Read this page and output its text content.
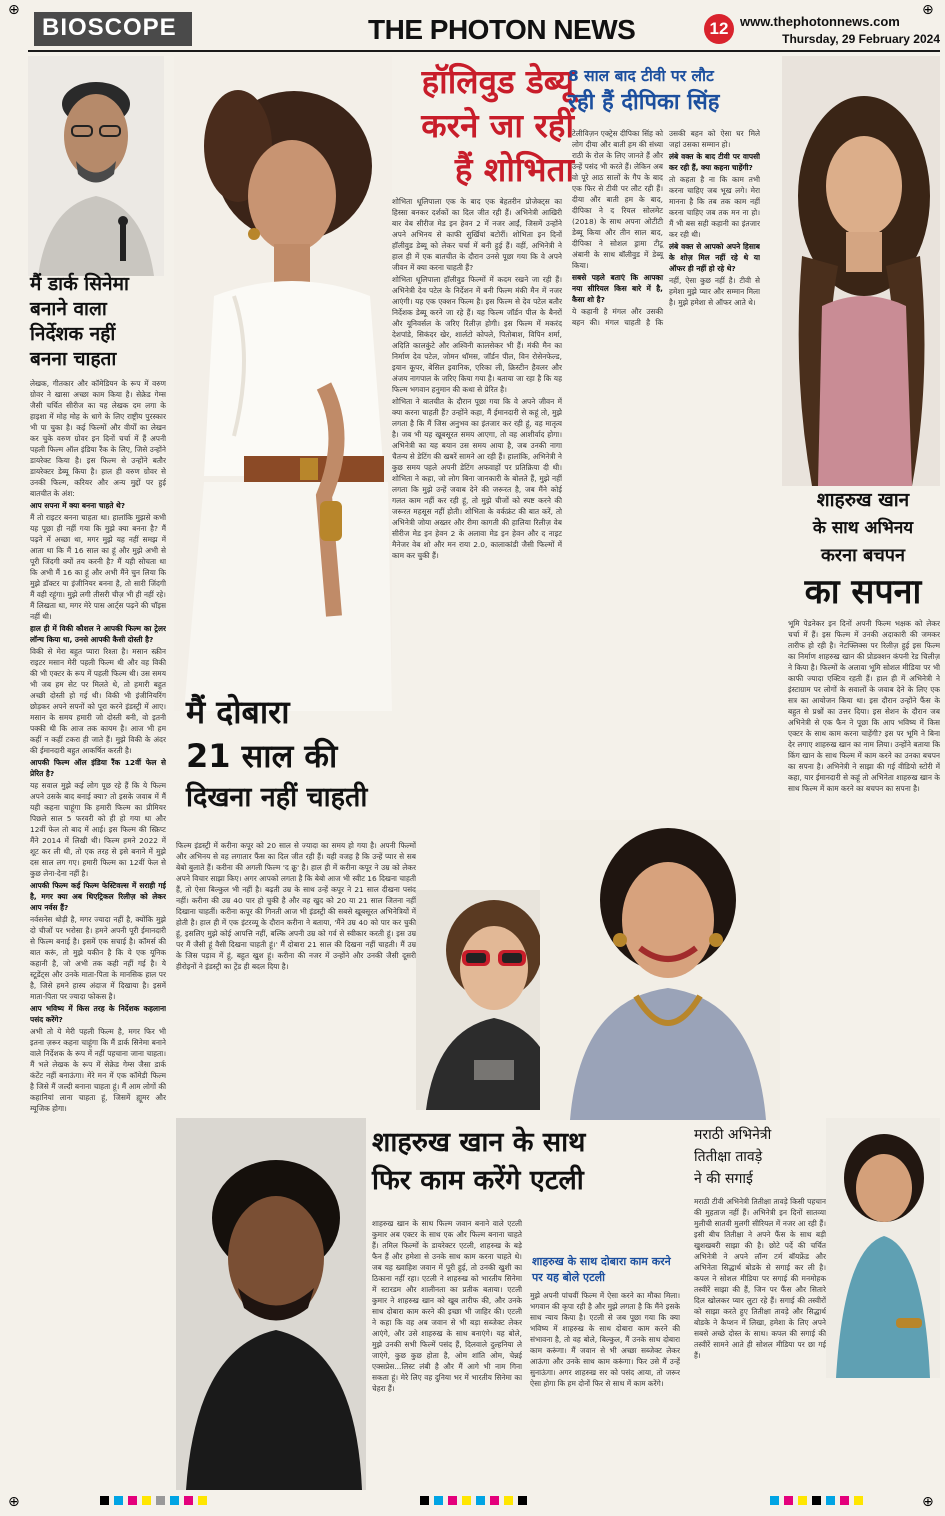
⊕	⊕
⊕	⊕
BIOSCOPE	THE PHOTON NEWS	12 www.thephotonnews.com
Thursday, 29 February 2024
मैं डार्क सिनेमा
बनाने वाला
निर्देशक नहीं
बनना चाहता

लेखक, गीतकार और कॉमेडियन के रूप में वरुण ग्रोवर ने खासा अच्छा काम किया है। सेक्रेड गेम्स जैसी चर्चित सीरीज का यह लेखक दम लगा के हाइशा में मोह मोह के धागे के लिए राष्ट्रीय पुरस्कार भी पा चुका है। कई फिल्मों और वीर्यों का लेखन कर चुके वरुण ग्रोवर इन दिनों चर्चा में हैं अपनी पहली फिल्म ऑल इंडिया रैंक के लिए, जिसे उन्होंने डायरेक्ट किया है। इस फिल्म से उन्होंने बतौर डायरेक्टर डेब्यू किया है। हाल ही वरुण ग्रोवर से उनकी फिल्म, करियर और अन्य मुद्दों पर हुई बातचीत के अंश:

आप सपना में क्या बनना चाहते थे?

मैं तो राइटर बनना चाहता था। हालांकि मुझसे कभी यह पूछा ही नहीं गया कि मुझे क्या बनना है? मैं पढ़ने में अच्छा था, मगर मुझे यह नहीं समझ में आता था कि मैं 16 साल का हूं और मुझे अभी से पूरी जिंदगी क्यों तय करनी है? मैं यही सोचता था कि अभी मैं 16 का हूं और अभी मैंने चुन लिया कि मुझे डॉक्टर या इंजीनियर बनना है, तो सारी जिंदगी मैं वही रहूंगा। मुझे लगी तीसरी चीज़ भी ही नहीं रहे। मैं लिखता था, मगर मेरे पास आर्ट्स पढ़ने की चॉइस नहीं थी।

हाल ही में विकी कौशल ने आपकी फिल्म का ट्रेलर लॉन्च किया था, उनसे आपकी कैसी दोस्ती है?

विकी से मेरा बहुत प्यारा रिश्ता है। मसान स्क्रीन राइटर मसान मेरी पहली फिल्म थी और वह विकी की भी एक्टर के रूप में पहली फिल्म थी। उस समय भी जब हम सेट पर मिलते थे, तो हमारी बहुत अच्छी दोस्ती हो गई थी। विकी भी इंजीनियरिंग छोड़कर अपने सपनों को पूरा करने इंडस्ट्री में आए। मसान के समय हमारी जो दोस्ती बनी, वो इतनी पक्की थी कि आज तक कायम है। आज भी हम कहीं न कहीं टकरा ही जाते हैं। मुझे विकी के अंदर की ईमानदारी बहुत आकर्षित करती है।

आपकी फिल्म ऑल इंडिया रैंक 12वीं फेल से प्रेरित है?

यह सवाल मुझे कई लोग पूछ रहे हैं कि ये फिल्म अपने उसके बाद बनाई क्या? तो इसके जवाब में मैं यही कहना चाहूंगा कि हमारी फिल्म का प्रीमियर पिछले साल 5 फरवरी को ही हो गया था और 12वीं फेल तो बाद में आई। इस फिल्म की स्क्रिप्ट मैंने 2014 में लिखी थी। फिल्म हमने 2022 में शूट कर ली थी, तो एक तरह से इसे बनाने में मुझे दस साल लग गए। हमारी फिल्म का 12वीं फेल से कुछ लेना-देना नहीं है।

आपकी फिल्म कई फिल्म फेस्टिवल्स में सराही गई है, मगर क्या अब थिएट्रिकल रिलीज़ को लेकर आप नर्वस हैं?

नर्वसनेस थोड़ी है, मगर ज्यादा नहीं है, क्योंकि मुझे दो चीजों पर भरोसा है। हमने अपनी पूरी ईमानदारी से फिल्म बनाई है। इसमें एक सचाई है। कॉमर्स की बात करूं, तो मुझे यकीन है कि ये एक यूनिक कहानी है, जो अभी तक कही नहीं गई है। ये स्टूडेंट्स और उनके माता-पिता के मानसिक हाल पर है, जिसे हमने हास्य अंदाज में दिखाया है। इसमें माता-पिता पर ज्यादा फोकस है।

आप भविष्य में किस तरह के निर्देशक कहलाना पसंद करेंगे?

अभी तो ये मेरी पहली फिल्म है, मगर फिर भी इतना ज़रूर कहना चाहूंगा कि मैं डार्क सिनेमा बनाने वाले निर्देशक के रूप में नहीं पहचाना जाना चाहता। मैं भले लेखक के रूप में सेक्रेड गेम्स जैसा डार्क कंटेंट नहीं बनाऊंगा। मेरे मन में एक कॉमेडी फिल्म है जिसे मैं जल्दी बनाना चाहता हूं। मैं आम लोगों की कहानियां लाना चाहता हूं, जिसमें ह्यूमर और म्यूजिक होगा।

हॉलिवुड डेब्यू
करने जा रहीं
हैं शोभिता

शोभिता धूलिपाला एक के बाद एक बेहतरीन प्रोजेक्ट्स का हिस्सा बनकर दर्शकों का दिल जीत रही हैं। अभिनेत्री आखिरी बार वेब सीरीज मेड इन हेवन 2 में नजर आईं, जिसमें उन्होंने अपने अभिनय से काफी सुर्खियां बटोरीं। शोभिता इन दिनों हॉलीवुड डेब्यू को लेकर चर्चा में बनी हुई हैं। वहीं, अभिनेत्री ने हाल ही में एक बातचीत के दौरान उनसे पूछा गया कि वे अपने जीवन में क्या करना चाहती हैं?

शोभिता धूलिपाला हॉलीवुड फिल्मों में कदम रखने जा रही हैं। अभिनेत्री देव पटेल के निर्देशन में बनी फिल्म मंकी मैन में नजर आएंगी। यह एक एक्शन फिल्म है। इस फिल्म से देव पटेल बतौर निर्देशक डेब्यू करने जा रहे हैं। यह फिल्म जॉर्डन पील के बैनरों और यूनिवर्सल के जरिए रिलीज़ होगी। इस फिल्म में मकरंद देशपांडे, सिकंदर खेर, शार्लटो कोपले, पितोबाश, विपिन शर्मा, अदिति कालकुंटे और अश्विनी कालसेकर भी हैं। मंकी मैन का निर्माण देव पटेल, जोमन थॉमस, जॉर्डन पील, विन रोसेनफेल्ड, इयान कूपर, बेसिल इवानिक, एरिका ली, क्रिस्टीन हैवलर और अंजय नागपाल के जरिए किया गया है। बताया जा रहा है कि यह फिल्म भगवान हनुमान की कथा से प्रेरित है।

शोभिता ने बातचीत के दौरान पूछा गया कि वे अपने जीवन में क्या करना चाहती हैं? उन्होंने कहा, मैं ईमानदारी से कहूं तो, मुझे लगता है कि मैं जिस अनुभव का इंतजार कर रही हूं, वह मातृत्व है। जब भी यह खूबसूरत समय आएगा, तो वह आशीर्वाद होगा। अभिनेत्री का यह बयान उस समय आया है, जब उनकी नागा चैतन्य से डेटिंग की खबरें सामने आ रही हैं। हालांकि, अभिनेत्री ने कुछ समय पहले अपनी डेटिंग अफवाहों पर प्रतिक्रिया दी थी। शोभिता ने कहा, जो लोग बिना जानकारी के बोलते हैं, मुझे नहीं लगता कि मुझे उन्हें जवाब देने की जरूरत है, जब मैंने कोई गलत काम नहीं कर रही हूं, तो मुझे चीजों को स्पष्ट करने की जरूरत महसूस नहीं होती। शोभिता के वर्कफ्रंट की बात करें, तो अभिनेत्री जोया अख्तर और रीमा कागती की हालिया रिलीज़ वेब सीरीज मेड इन हेवन 2 के अलावा मेड इन हेवन और द नाइट मैनेजर वेब शो और मन राया 2.0, कालाकांडी जैसी फिल्मों में काम कर चुकी हैं।

मैं दोबारा
21 साल की
दिखना नहीं चाहती

फिल्म इंडस्ट्री में करीना कपूर को 20 साल से ज्यादा का समय हो गया है। अपनी फिल्मों और अभिनय से वह लगातार फैंस का दिल जीत रही हैं। यही वजह है कि उन्हें प्यार से सब बेबो बुलाते हैं। करीना की अगली फिल्म 'द क्रू' है। हाल ही में करीना कपूर ने उम्र को लेकर अपने विचार साझा किए। अगर आपको लगता है कि बेबो आज भी स्वीट 16 दिखना चाहती हैं, तो ऐसा बिल्कुल भी नहीं है। बढ़ती उम्र के साथ उन्हें कपूर ने 21 साल दीखना पसंद नहीं। करीना की उम्र 40 पार हो चुकी है और वह खुद को 20 या 21 साल जितना नहीं दिखाना चाहतीं। करीना कपूर की गिनती आज भी इंडस्ट्री की सबसे खूबसूरत अभिनेत्रियों में होती है। हाल ही में एक इंटरव्यू के दौरान करीना ने बताया, 'मैंने उम्र 40 को पार कर चुकी हूं, इसलिए मुझे कोई आपत्ति नहीं, बल्कि अपनी उम्र को गर्व से स्वीकार करती हूं। इस उम्र पर मैं जैसी हूं वैसी दिखना चाहती हूं।' मैं दोबारा 21 साल की दिखना नहीं चाहती। मैं उम्र के जिस पड़ाव में हूं, बहुत खुश हूं। करीना की नजर में उन्होंने और उनकी जैसी दूसरी हीरोइनों ने इंडस्ट्री का ट्रेंड ही बदल दिया है।

8 साल बाद टीवी पर लौट
रही हैं दीपिका सिंह

टेलीविज़न एक्ट्रेस दीपिका सिंह को लोग दीया और बाती हम की संध्या राठी के रोल के लिए जानते हैं और उन्हें पसंद भी करते हैं। लेकिन अब वो पूरे आठ सालों के गैप के बाद एक फिर से टीवी पर लौट रही हैं। दीया और बाती हम के बाद, दीपिका ने द रियल सोलमेट (2018) के साथ अपना ओटीटी डेब्यू किया और तीन साल बाद, दीपिका ने सोशल ड्रामा टीटू अंबानी के साथ बॉलीवुड में डेब्यू किया।

सबसे पहले बताएं कि आपका नया सीरियल किस बारे में है, कैसा शो है?

ये कहानी है मंगल और उसकी बहन की। मंगल चाहती है कि उसकी बहन को ऐसा घर मिले जहां उसका सम्मान हो।

लंबे वक्त के बाद टीवी पर वापसी कर रही हैं, क्या कहना चाहेंगी?

तो कहता है ना कि काम तभी करना चाहिए जब भूख लगे। मेरा मानना है कि तब तक काम नहीं करना चाहिए जब तक मन ना हो। मैं भी बस सही कहानी का इंतजार कर रही थी।

लंबे वक्त से आपको अपने हिसाब के शोज़ मिल नहीं रहे थे या ऑफर ही नहीं हो रहे थे?

नहीं, ऐसा कुछ नहीं है। टीवी से हमेशा मुझे प्यार और सम्मान मिला है। मुझे हमेशा से ऑफर आते थे।

शाहरुख खान
के साथ अभिनय
करना बचपन
का सपना

भूमि पेडनेकर इन दिनों अपनी फिल्म भक्षक को लेकर चर्चा में हैं। इस फिल्म में उनकी अदाकारी की जमकर तारीफ हो रही है। नेटफ्लिक्स पर रिलीज़ हुई इस फिल्म का निर्माण शाहरुख खान की प्रोडक्शन कंपनी रेड चिलीज़ ने किया है। फिल्मों के अलावा भूमि सोशल मीडिया पर भी काफी ज्यादा एक्टिव रहती हैं। हाल ही में अभिनेत्री ने इंस्टाग्राम पर लोगों के सवालों के जवाब देने के लिए एक सत्र का आयोजन किया था। इस दौरान उन्होंने फैंस के बहुत से प्रश्नों का उत्तर दिया। इस सेशन के दौरान जब अभिनेत्री से एक फैन ने पूछा कि आप भविष्य में किस एक्टर के साथ काम करना चाहेंगी? इस पर भूमि ने बिना देर लगाए शाहरुख खान का नाम लिया। उन्होंने बताया कि किंग खान के साथ फिल्म में काम करने का उनका बचपन का सपना है। अभिनेत्री ने साझा की गई वीडियो स्टोरी में कहा, यार ईमानदारी से कहूं तो अभिनेता शाहरुख खान के साथ फिल्म में काम करने का बचपन का सपना है।

शाहरुख खान के साथ
फिर काम करेंगे एटली

शाहरुख खान के साथ फिल्म जवान बनाने वाले एटली कुमार अब एक्टर के साथ एक और फिल्म बनाना चाहते हैं। तमिल फिल्मों के डायरेक्टर एटली, शाहरुख के बड़े फैन हैं और हमेशा से उनके साथ काम करना चाहते थे। जब यह ख्वाहिश जवान में पूरी हुई, तो उनकी खुशी का ठिकाना नहीं रहा। एटली ने शाहरुख को भारतीय सिनेमा में स्टारडम और शालीनता का प्रतीक बताया। एटली कुमार ने शाहरुख खान को खूब तारीफ की, और उनके साथ दोबारा काम करने की इच्छा भी जाहिर की। एटली ने कहा कि वह अब जवान से भी बड़ा सब्जेक्ट लेकर आएंगे, और उसे शाहरुख के साथ बनाएंगे। यह बोले, मुझे उनकी सभी फिल्में पसंद हैं, दिलवाले दुल्हनिया ले जाएंगे, कुछ कुछ होता है, ओम शांति ओम, चेन्नई एक्सप्रेस...लिस्ट लंबी है और मैं आगे भी नाम गिना सकता हूं। मेरे लिए वह दुनिया भर में भारतीय सिनेमा का चेहरा हैं।

शाहरुख के साथ दोबारा काम करने पर यह बोले एटली

मुझे अपनी पांचवीं फिल्म में ऐसा करने का मौका मिला। भगवान की कृपा रही है और मुझे लगता है कि मैंने इसके साथ न्याय किया है। एटली से जब पूछा गया कि क्या भविष्य में शाहरुख के साथ दोबारा काम करने की संभावना है, तो वह बोले, बिल्कुल, मैं उनके साथ दोबारा काम करूंगा। मैं जवान से भी अच्छा सब्जेक्ट लेकर आऊंगा और उनके साथ काम करूंगा। फिर उसे मैं उन्हें सुनाऊंगा। अगर शाहरुख सर को पसंद आया, तो जरूर ऐसा होगा कि हम दोनों फिर से साथ में काम करेंगे।

मराठी अभिनेत्री
तितीक्षा तावड़े
ने की सगाई

मराठी टीवी अभिनेत्री तितीक्षा तावड़े किसी पहचान की मुहताज नहीं हैं। अभिनेत्री इन दिनों सातव्या मुलीची सातवी मुलगी सीरियल में नजर आ रही हैं। इसी बीच तितीक्षा ने अपने फैंस के साथ बड़ी खुशखबरी साझा की है। छोटे पर्दे की चर्चित अभिनेत्री ने अपने लॉन्ग टर्म बॉयफ्रेंड और अभिनेता सिद्धार्थ बोडके से सगाई कर ली है। कपल ने सोशल मीडिया पर सगाई की मनमोहक तस्वीरें साझा की हैं, जिन पर फैंस और सितारे दिल खोलकर प्यार लुटा रहे हैं। सगाई की तस्वीरों को साझा करते हुए तितीक्षा तावड़े और सिद्धार्थ बोडके ने कैप्शन में लिखा, हमेशा के लिए अपने सबसे अच्छे दोस्त के साथ। कपल की सगाई की तस्वीरें सामने आते ही सोशल मीडिया पर छा गई हैं।
